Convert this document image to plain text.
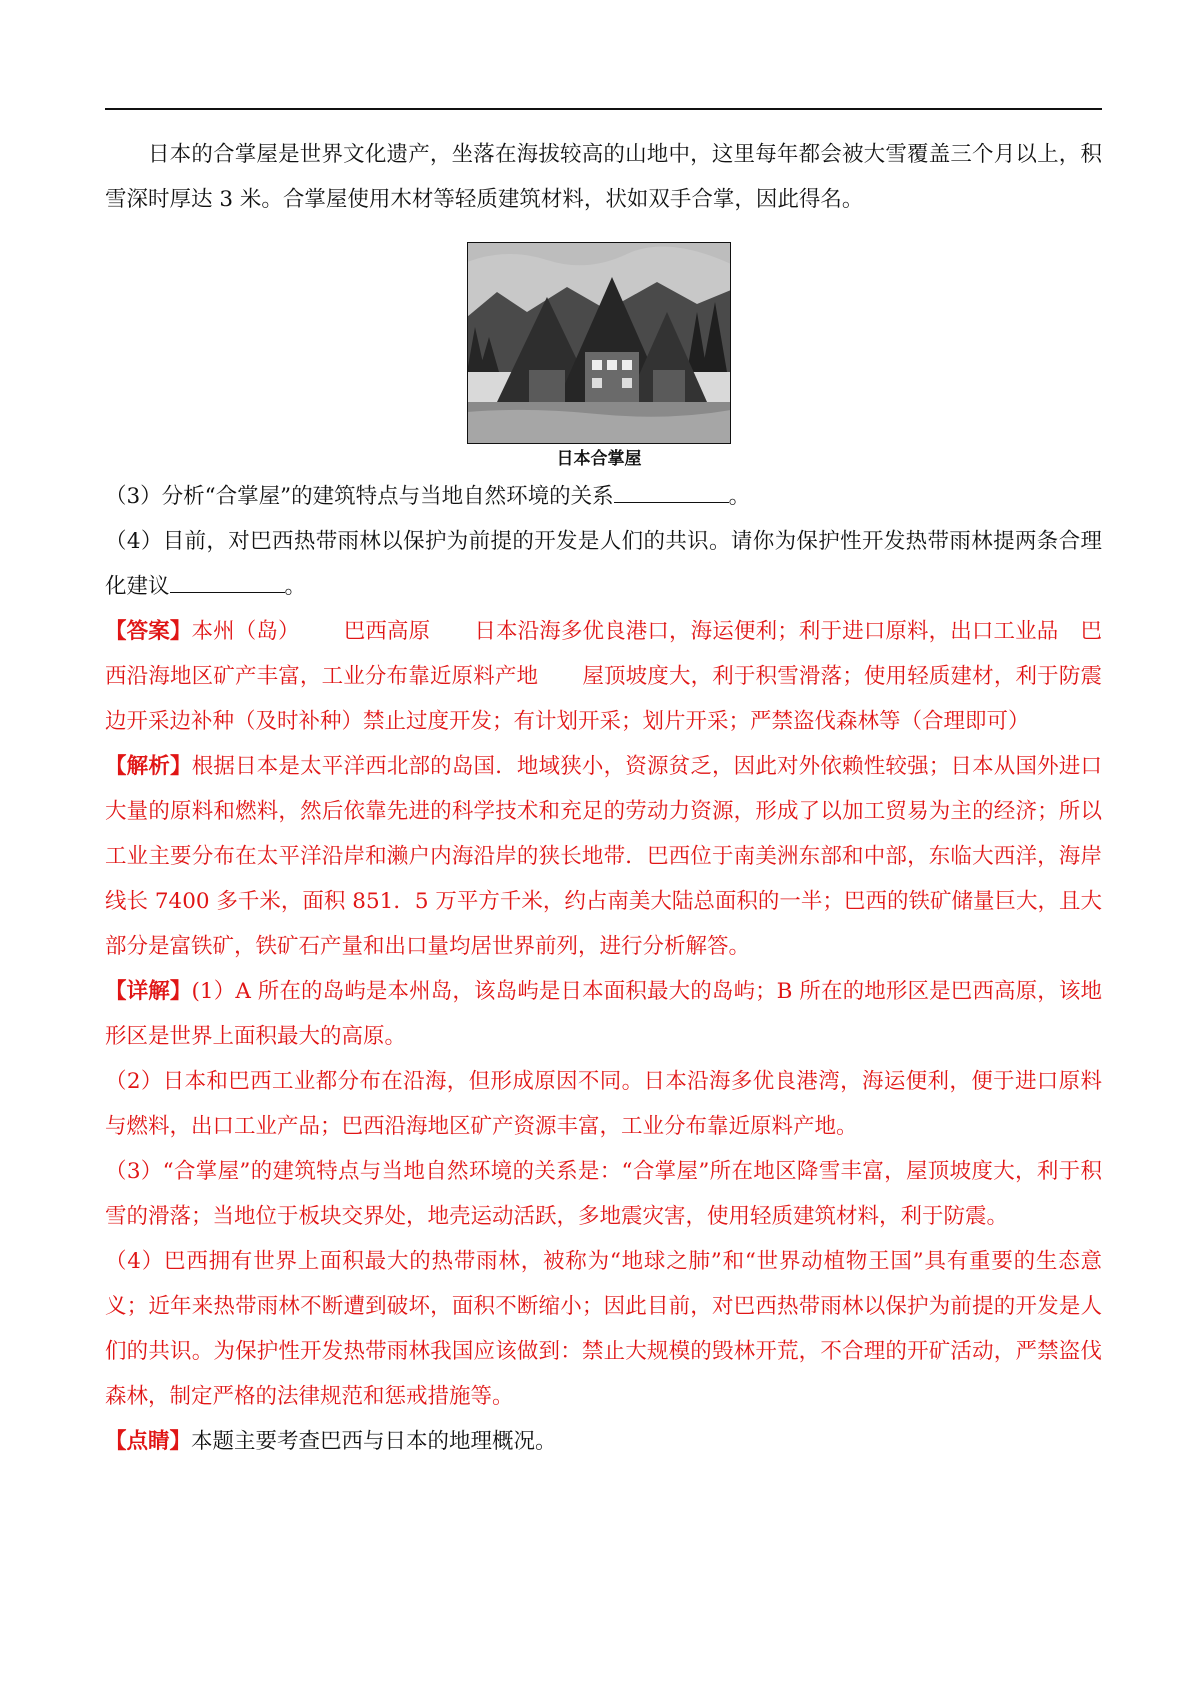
日本的合掌屋是世界文化遗产，坐落在海拔较高的山地中，这里每年都会被大雪覆盖三个月以上，积雪深时厚达 3 米。合掌屋使用木材等轻质建筑材料，状如双手合掌，因此得名。

日本合掌屋

（3）分析“合掌屋”的建筑特点与当地自然环境的关系	。

（4）目前，对巴西热带雨林以保护为前提的开发是人们的共识。请你为保护性开发热带雨林提两条合理化建议	。

【答案】本州（岛） 巴西高原 日本沿海多优良港口，海运便利；利于进口原料，出口工业品 巴西沿海地区矿产丰富，工业分布靠近原料产地 屋顶坡度大，利于积雪滑落；使用轻质建材，利于防震边开采边补种（及时补种）禁止过度开发；有计划开采；划片开采；严禁盗伐森林等（合理即可）

【解析】根据日本是太平洋西北部的岛国．地域狭小，资源贫乏，因此对外依赖性较强；日本从国外进口大量的原料和燃料，然后依靠先进的科学技术和充足的劳动力资源，形成了以加工贸易为主的经济；所以工业主要分布在太平洋沿岸和濑户内海沿岸的狭长地带．巴西位于南美洲东部和中部，东临大西洋，海岸线长 7400 多千米，面积 851．5 万平方千米，约占南美大陆总面积的一半；巴西的铁矿储量巨大，且大部分是富铁矿，铁矿石产量和出口量均居世界前列，进行分析解答。

【详解】(1）A 所在的岛屿是本州岛，该岛屿是日本面积最大的岛屿；B 所在的地形区是巴西高原，该地形区是世界上面积最大的高原。

（2）日本和巴西工业都分布在沿海，但形成原因不同。日本沿海多优良港湾，海运便利，便于进口原料与燃料，出口工业产品；巴西沿海地区矿产资源丰富，工业分布靠近原料产地。

（3）“合掌屋”的建筑特点与当地自然环境的关系是：“合掌屋”所在地区降雪丰富，屋顶坡度大，利于积雪的滑落；当地位于板块交界处，地壳运动活跃，多地震灾害，使用轻质建筑材料，利于防震。

（4）巴西拥有世界上面积最大的热带雨林，被称为“地球之肺”和“世界动植物王国”具有重要的生态意义；近年来热带雨林不断遭到破坏，面积不断缩小；因此目前，对巴西热带雨林以保护为前提的开发是人们的共识。为保护性开发热带雨林我国应该做到：禁止大规模的毁林开荒，不合理的开矿活动，严禁盗伐森林，制定严格的法律规范和惩戒措施等。

【点睛】本题主要考查巴西与日本的地理概况。
